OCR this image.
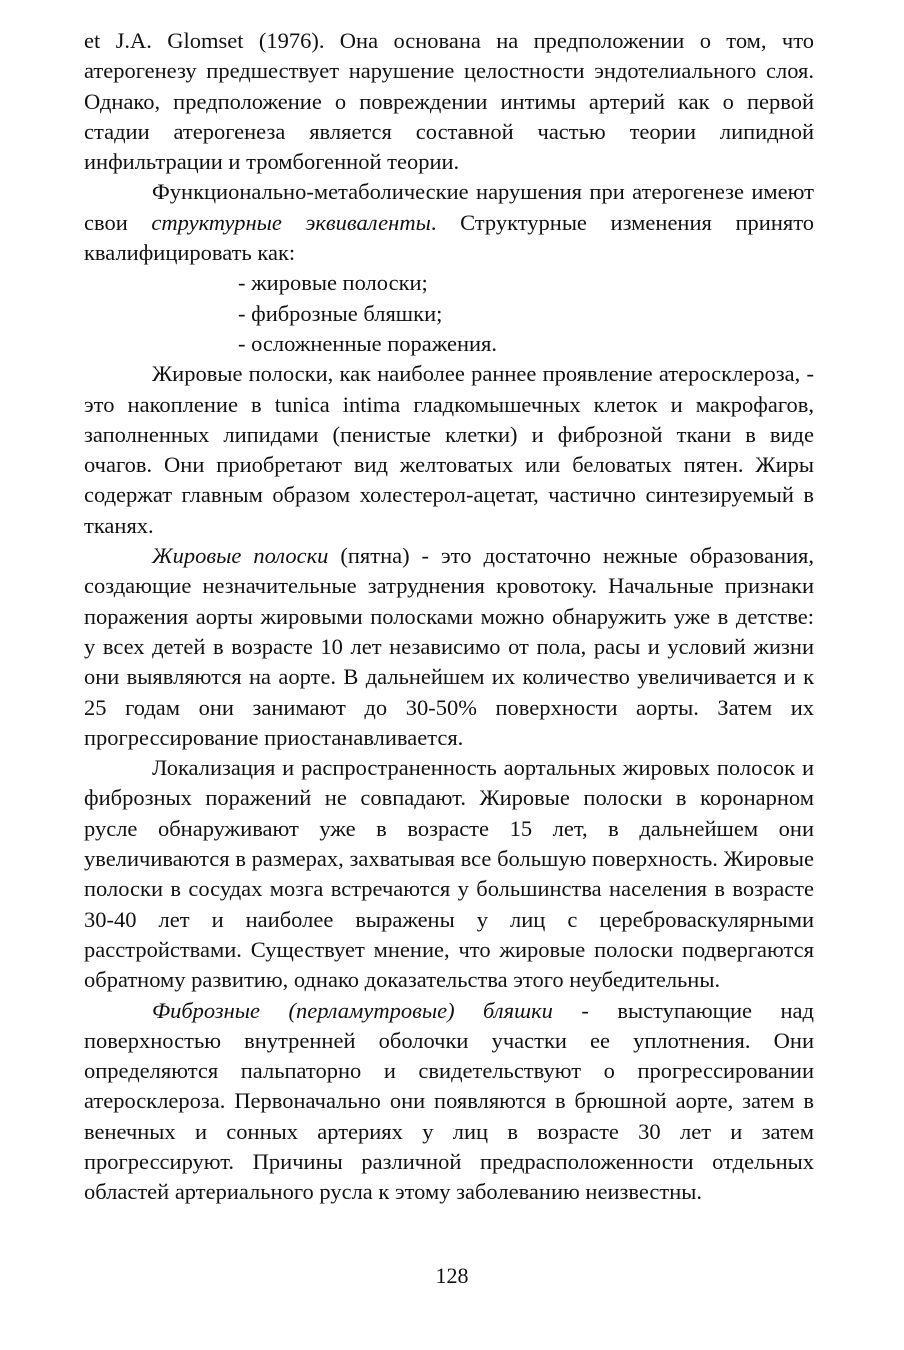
et J.A. Glomset (1976). Она основана на предположении о том, что атерогенезу предшествует нарушение целостности эндотелиального слоя. Однако, предположение о повреждении интимы артерий как о первой стадии атерогенеза является составной частью теории липидной инфильтрации и тромбогенной теории.

Функционально-метаболические нарушения при атерогенезе имеют свои структурные эквиваленты. Структурные изменения принято квалифицировать как:

- жировые полоски;
- фиброзные бляшки;
- осложненные поражения.

Жировые полоски, как наиболее раннее проявление атеросклероза, - это накопление в tunica intima гладкомышечных клеток и макрофагов, заполненных липидами (пенистые клетки) и фиброзной ткани в виде очагов. Они приобретают вид желтоватых или беловатых пятен. Жиры содержат главным образом холестерол-ацетат, частично синтезируемый в тканях.

Жировые полоски (пятна) - это достаточно нежные образования, создающие незначительные затруднения кровотоку. Начальные признаки поражения аорты жировыми полосками можно обнаружить уже в детстве: у всех детей в возрасте 10 лет независимо от пола, расы и условий жизни они выявляются на аорте. В дальнейшем их количество увеличивается и к 25 годам они занимают до 30-50% поверхности аорты. Затем их прогрессирование приостанавливается.

Локализация и распространенность аортальных жировых полосок и фиброзных поражений не совпадают. Жировые полоски в коронарном русле обнаруживают уже в возрасте 15 лет, в дальнейшем они увеличиваются в размерах, захватывая все большую поверхность. Жировые полоски в сосудах мозга встречаются у большинства населения в возрасте 30-40 лет и наиболее выражены у лиц с цереброваскулярными расстройствами. Существует мнение, что жировые полоски подвергаются обратному развитию, однако доказательства этого неубедительны.

Фиброзные (перламутровые) бляшки - выступающие над поверхностью внутренней оболочки участки ее уплотнения. Они определяются пальпаторно и свидетельствуют о прогрессировании атеросклероза. Первоначально они появляются в брюшной аорте, затем в венечных и сонных артериях у лиц в возрасте 30 лет и затем прогрессируют. Причины различной предрасположенности отдельных областей артериального русла к этому заболеванию неизвестны.

128
